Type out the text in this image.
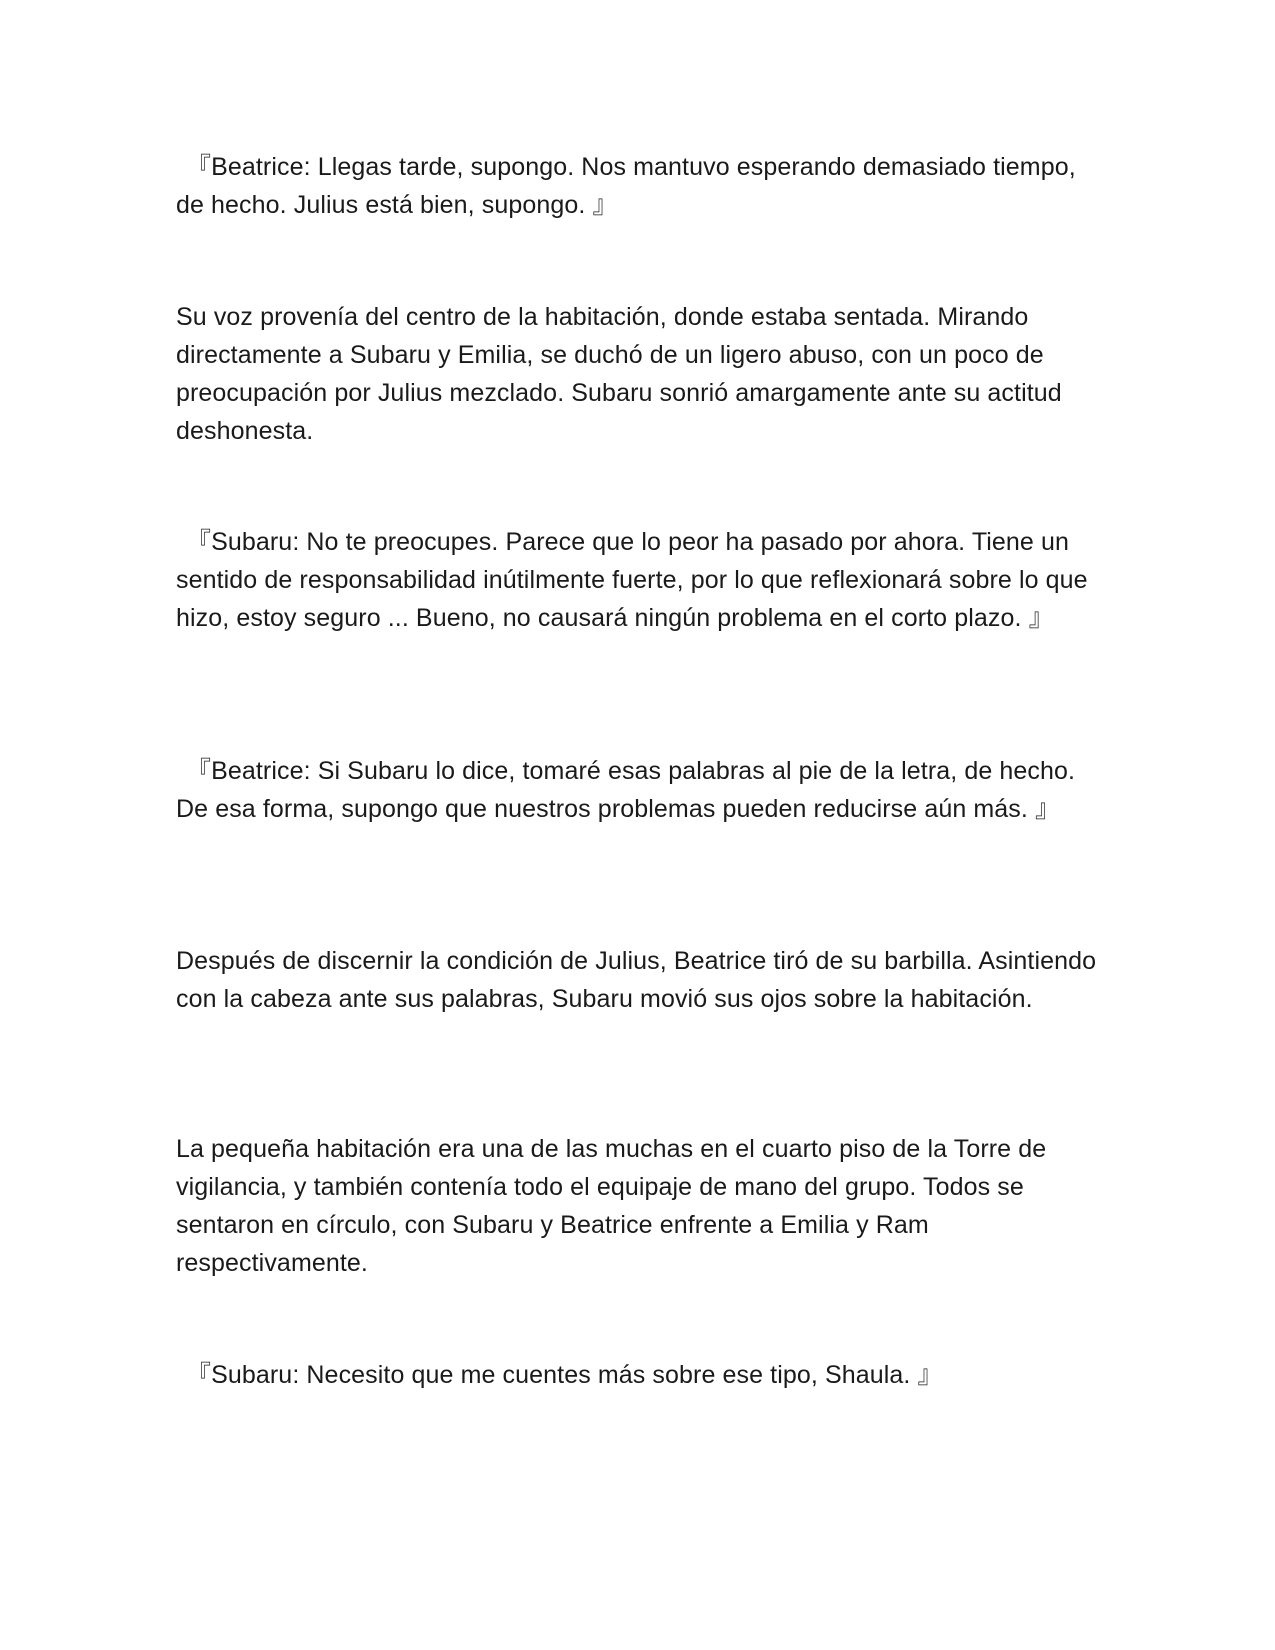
『Beatrice: Llegas tarde, supongo. Nos mantuvo esperando demasiado tiempo, de hecho. Julius está bien, supongo. 』

Su voz provenía del centro de la habitación, donde estaba sentada. Mirando directamente a Subaru y Emilia, se duchó de un ligero abuso, con un poco de preocupación por Julius mezclado. Subaru sonrió amargamente ante su actitud deshonesta.

『Subaru: No te preocupes. Parece que lo peor ha pasado por ahora. Tiene un sentido de responsabilidad inútilmente fuerte, por lo que reflexionará sobre lo que hizo, estoy seguro ... Bueno, no causará ningún problema en el corto plazo. 』

『Beatrice: Si Subaru lo dice, tomaré esas palabras al pie de la letra, de hecho. De esa forma, supongo que nuestros problemas pueden reducirse aún más. 』

Después de discernir la condición de Julius, Beatrice tiró de su barbilla. Asintiendo con la cabeza ante sus palabras, Subaru movió sus ojos sobre la habitación.

La pequeña habitación era una de las muchas en el cuarto piso de la Torre de vigilancia, y también contenía todo el equipaje de mano del grupo. Todos se sentaron en círculo, con Subaru y Beatrice enfrente a Emilia y Ram respectivamente.

『Subaru: Necesito que me cuentes más sobre ese tipo, Shaula. 』
